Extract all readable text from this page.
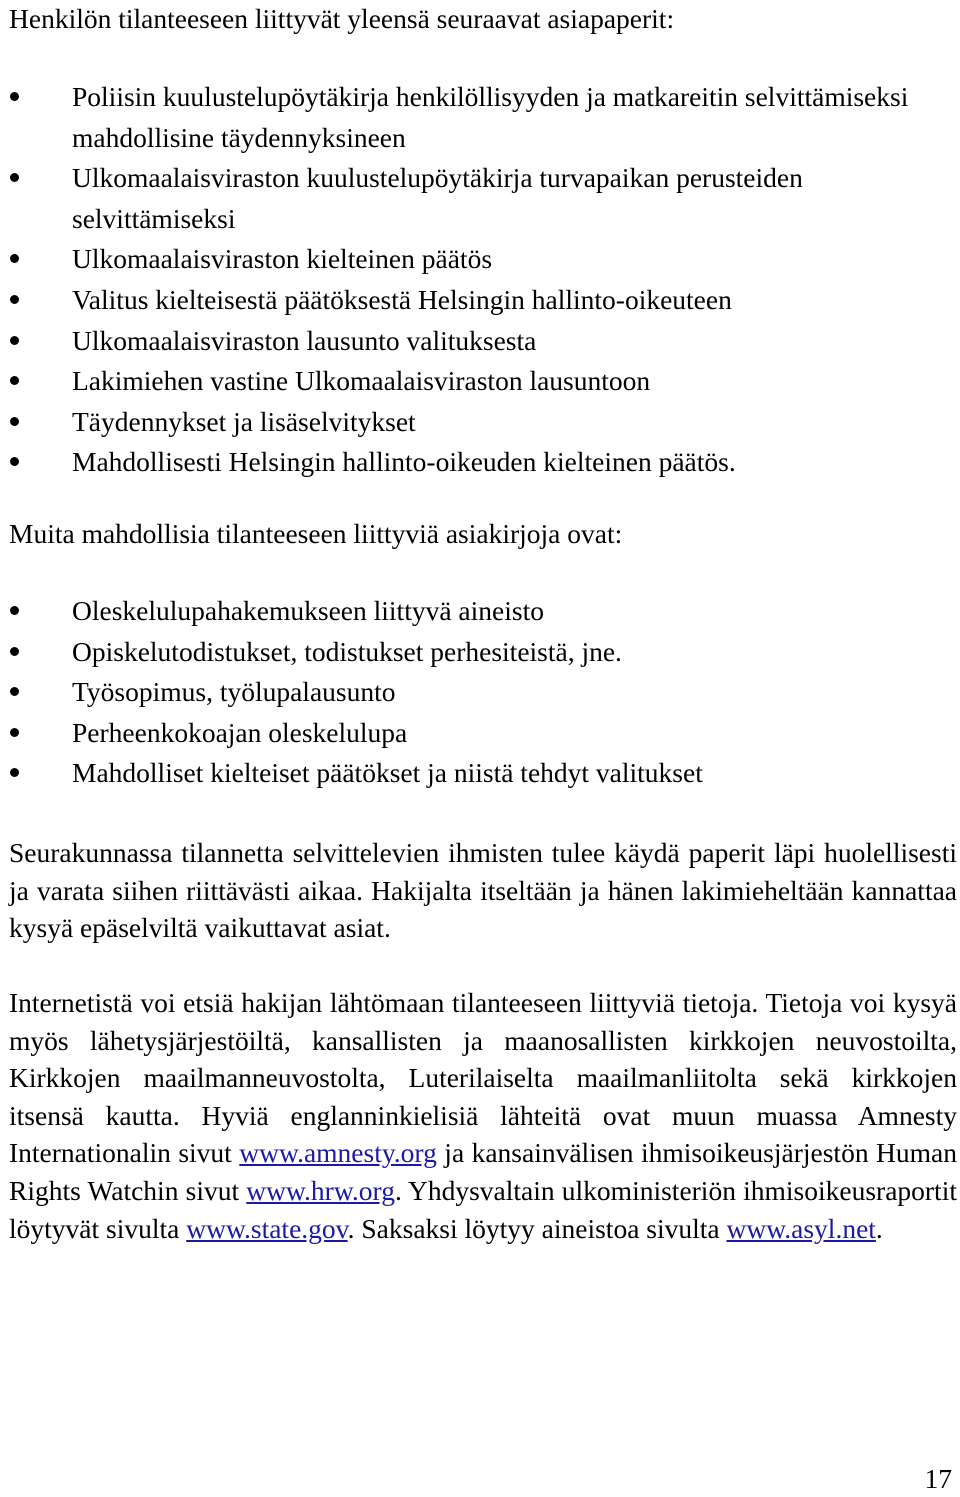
Henkilön tilanteeseen liittyvät yleensä seuraavat asiapaperit:

Poliisin kuulustelupöytäkirja henkilöllisyyden ja matkareitin selvittämiseksi mahdollisine täydennyksineen
Ulkomaalaisviraston kuulustelupöytäkirja turvapaikan perusteiden selvittämiseksi
Ulkomaalaisviraston kielteinen päätös
Valitus kielteisestä päätöksestä Helsingin hallinto-oikeuteen
Ulkomaalaisviraston lausunto valituksesta
Lakimiehen vastine Ulkomaalaisviraston lausuntoon
Täydennykset ja lisäselvitykset
Mahdollisesti Helsingin hallinto-oikeuden kielteinen päätös.

Muita mahdollisia tilanteeseen liittyviä asiakirjoja ovat:

Oleskelulupahakemukseen liittyvä aineisto
Opiskelutodistukset, todistukset perhesiteistä, jne.
Työsopimus, työlupalausunto
Perheenkokoajan oleskelulupa
Mahdolliset kielteiset päätökset ja niistä tehdyt valitukset

Seurakunnassa tilannetta selvittelevien ihmisten tulee käydä paperit läpi huolellisesti ja varata siihen riittävästi aikaa. Hakijalta itseltään ja hänen lakimieheltään kannattaa kysyä epäselviltä vaikuttavat asiat.

Internetistä voi etsiä hakijan lähtömaan tilanteeseen liittyviä tietoja. Tietoja voi kysyä myös lähetysjärjestöiltä, kansallisten ja maanosallisten kirkkojen neuvostoilta, Kirkkojen maailmanneuvostolta, Luterilaiselta maailmanliitolta sekä kirkkojen itsensä kautta. Hyviä englanninkielisiä lähteitä ovat muun muassa Amnesty Internationalin sivut www.amnesty.org ja kansainvälisen ihmisoikeusjärjestön Human Rights Watchin sivut www.hrw.org. Yhdysvaltain ulkoministeriön ihmisoikeusraportit löytyvät sivulta www.state.gov. Saksaksi löytyy aineistoa sivulta www.asyl.net.

17
